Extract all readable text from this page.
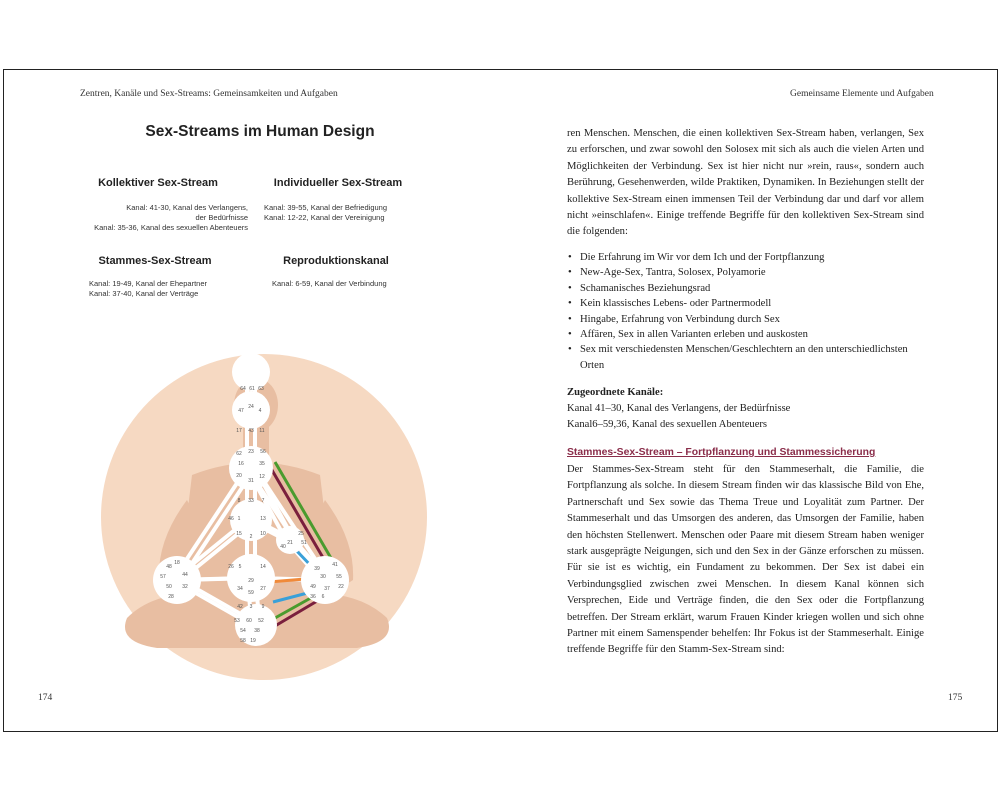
Zentren, Kanäle und Sex-Streams: Gemeinsamkeiten und Aufgaben
Sex-Streams im Human Design
Kollektiver Sex-Stream
Kanal: 41-30, Kanal des Verlangens,
der Bedürfnisse
Kanal: 35-36, Kanal des sexuellen Abenteuers
Individueller Sex-Stream
Kanal: 39-55, Kanal der Befriedigung
Kanal: 12-22, Kanal der Vereinigung
Stammes-Sex-Stream
Kanal: 19-49, Kanal der Ehepartner
Kanal: 37-40, Kanal der Verträge
Reproduktionskanal
Kanal: 6-59, Kanal der Verbindung
64 61 63
47
24
4
17 43 11
62 23 56
16	35
20	12
31
8 33 7
1	13
15 2 10
46
25
51
21
40
26
48
57	44
50 32
28
18
5	14
29
34	27
59
42 3 9
53 60 52
54 38
58 19
39
41
30 55
49 37 22
36 6
174
Gemeinsame Elemente und Aufgaben

ren Menschen. Menschen, die einen kollektiven Sex-Stream haben, verlangen, Sex zu erforschen, und zwar sowohl den Solosex mit sich als auch die vielen Arten und Möglichkeiten der Verbindung. Sex ist hier nicht nur »rein, raus«, sondern auch Berührung, Gesehenwerden, wilde Praktiken, Dynamiken. In Beziehungen stellt der kollektive Sex-Stream einen immensen Teil der Verbindung dar und darf vor allem nicht »einschlafen«. Einige treffende Begriffe für den kollektiven Sex-Stream sind die folgenden:

• Die Erfahrung im Wir vor dem Ich und der Fortpflanzung
• New-Age-Sex, Tantra, Solosex, Polyamorie
• Schamanisches Beziehungsrad
• Kein klassisches Lebens- oder Partnermodell
• Hingabe, Erfahrung von Verbindung durch Sex
• Affären, Sex in allen Varianten erleben und auskosten
• Sex mit verschiedensten Menschen/Geschlechtern an den unterschiedlichsten Orten
Zugeordnete Kanäle:
Kanal 41–30, Kanal des Verlangens, der Bedürfnisse
Kanal6–59,36, Kanal des sexuellen Abenteuers
Stammes-Sex-Stream – Fortpflanzung und Stammessicherung

Der Stammes-Sex-Stream steht für den Stammeserhalt, die Familie, die Fortpflanzung als solche. In diesem Stream finden wir das klassische Bild von Ehe, Partnerschaft und Sex sowie das Thema Treue und Loyalität zum Partner. Der Stammeserhalt und das Umsorgen des anderen, das Umsorgen der Familie, haben den höchsten Stellenwert. Menschen oder Paare mit diesem Stream haben weniger stark ausgeprägte Neigungen, sich und den Sex in der Gänze erforschen zu müssen. Für sie ist es wichtig, ein Fundament zu bekommen. Der Sex ist dabei ein Verbindungsglied zwischen zwei Menschen. In diesem Kanal können sich Versprechen, Eide und Verträge finden, die den Sex oder die Fortpflanzung betreffen. Der Stream erklärt, warum Frauen Kinder kriegen wollen und sich ohne Partner mit einem Samenspender behelfen: Ihr Fokus ist der Stammeserhalt. Einige treffende Begriffe für den Stamm-Sex-Stream sind:

175
